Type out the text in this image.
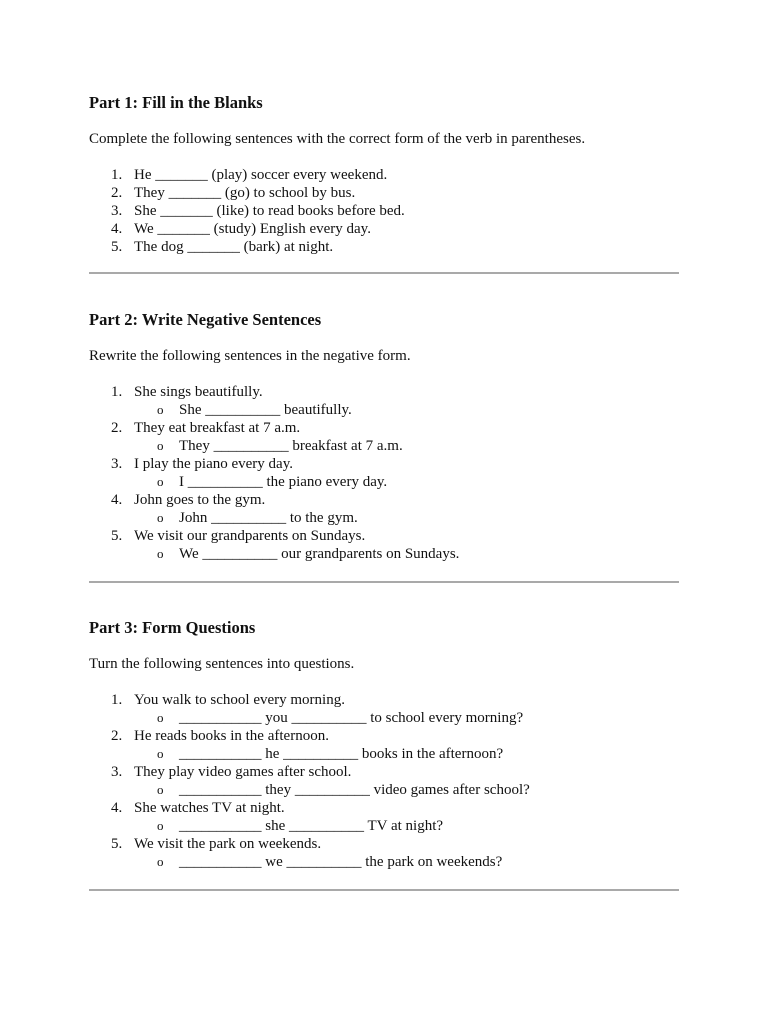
Part 1: Fill in the Blanks

Complete the following sentences with the correct form of the verb in parentheses.

1. He _______ (play) soccer every weekend.
2. They _______ (go) to school by bus.
3. She _______ (like) to read books before bed.
4. We _______ (study) English every day.
5. The dog _______ (bark) at night.
Part 2: Write Negative Sentences

Rewrite the following sentences in the negative form.

1. She sings beautifully.
o She __________ beautifully.
2. They eat breakfast at 7 a.m.
o They __________ breakfast at 7 a.m.
3. I play the piano every day.
o I __________ the piano every day.
4. John goes to the gym.
o John __________ to the gym.
5. We visit our grandparents on Sundays.
o We __________ our grandparents on Sundays.
Part 3: Form Questions

Turn the following sentences into questions.

1. You walk to school every morning.
o ___________ you __________ to school every morning?
2. He reads books in the afternoon.
o ___________ he __________ books in the afternoon?
3. They play video games after school.
o ___________ they __________ video games after school?
4. She watches TV at night.
o ___________ she __________ TV at night?
5. We visit the park on weekends.
o ___________ we __________ the park on weekends?
